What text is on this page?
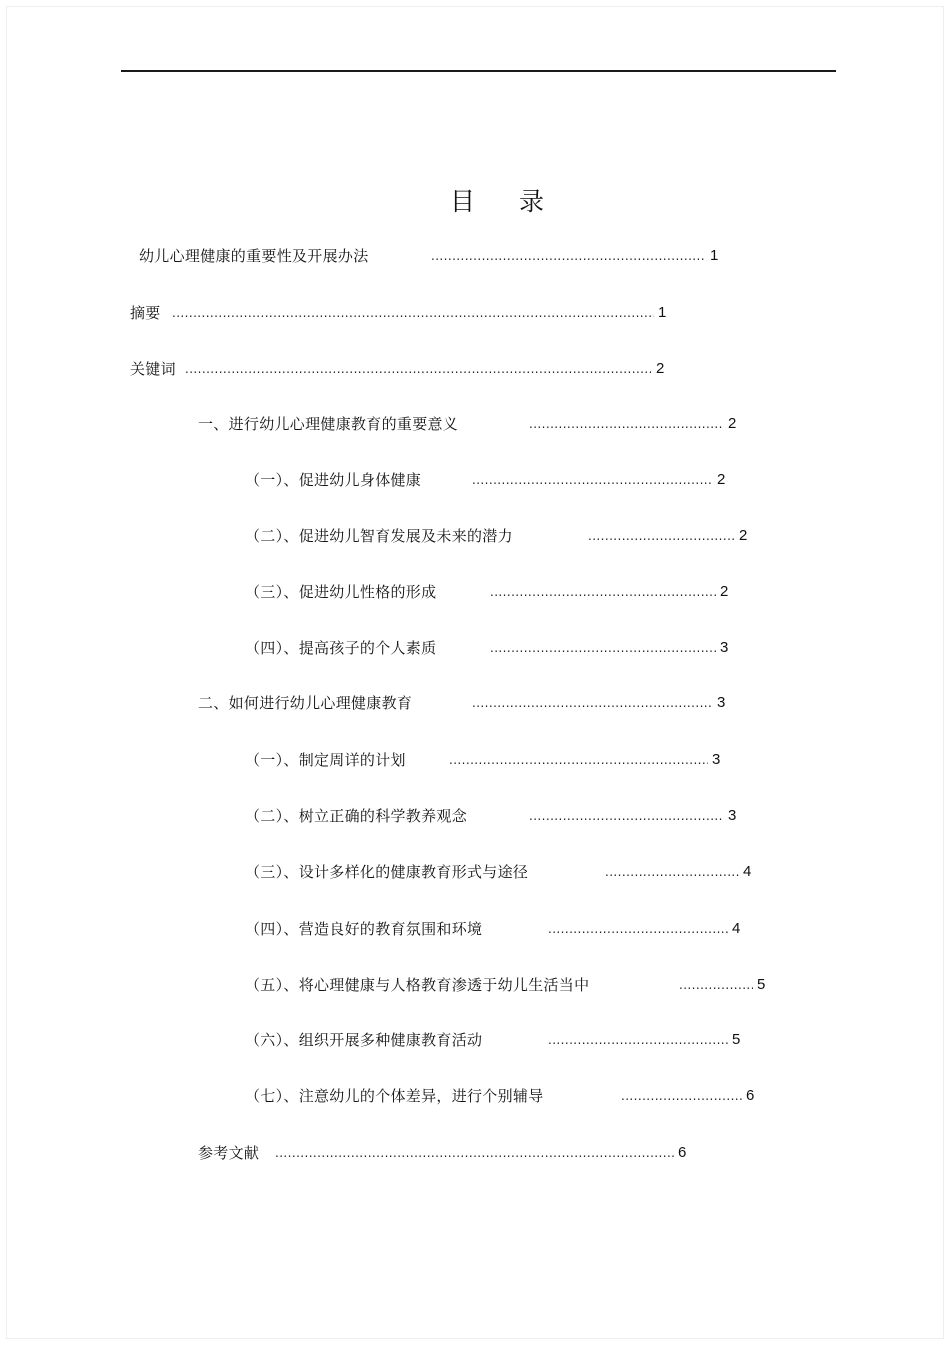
目 录
幼儿心理健康的重要性及开展办法 .....	1
摘要 .....	1
关键词 .....	2
一、进行幼儿心理健康教育的重要意义 .....	2
（一）、促进幼儿身体健康 .....	2
（二）、促进幼儿智育发展及未来的潜力 .....	2
（三）、促进幼儿性格的形成 .....	2
（四）、提高孩子的个人素质 .....	3
二、如何进行幼儿心理健康教育 .....	3
（一）、制定周详的计划 .....	3
（二）、树立正确的科学教养观念 .....	3
（三）、设计多样化的健康教育形式与途径 .....	4
（四）、营造良好的教育氛围和环境 .....	4
（五）、将心理健康与人格教育渗透于幼儿生活当中 .....	5
（六）、组织开展多种健康教育活动 .....	5
（七）、注意幼儿的个体差异，进行个别辅导 .....	6
参考文献 .....	6
